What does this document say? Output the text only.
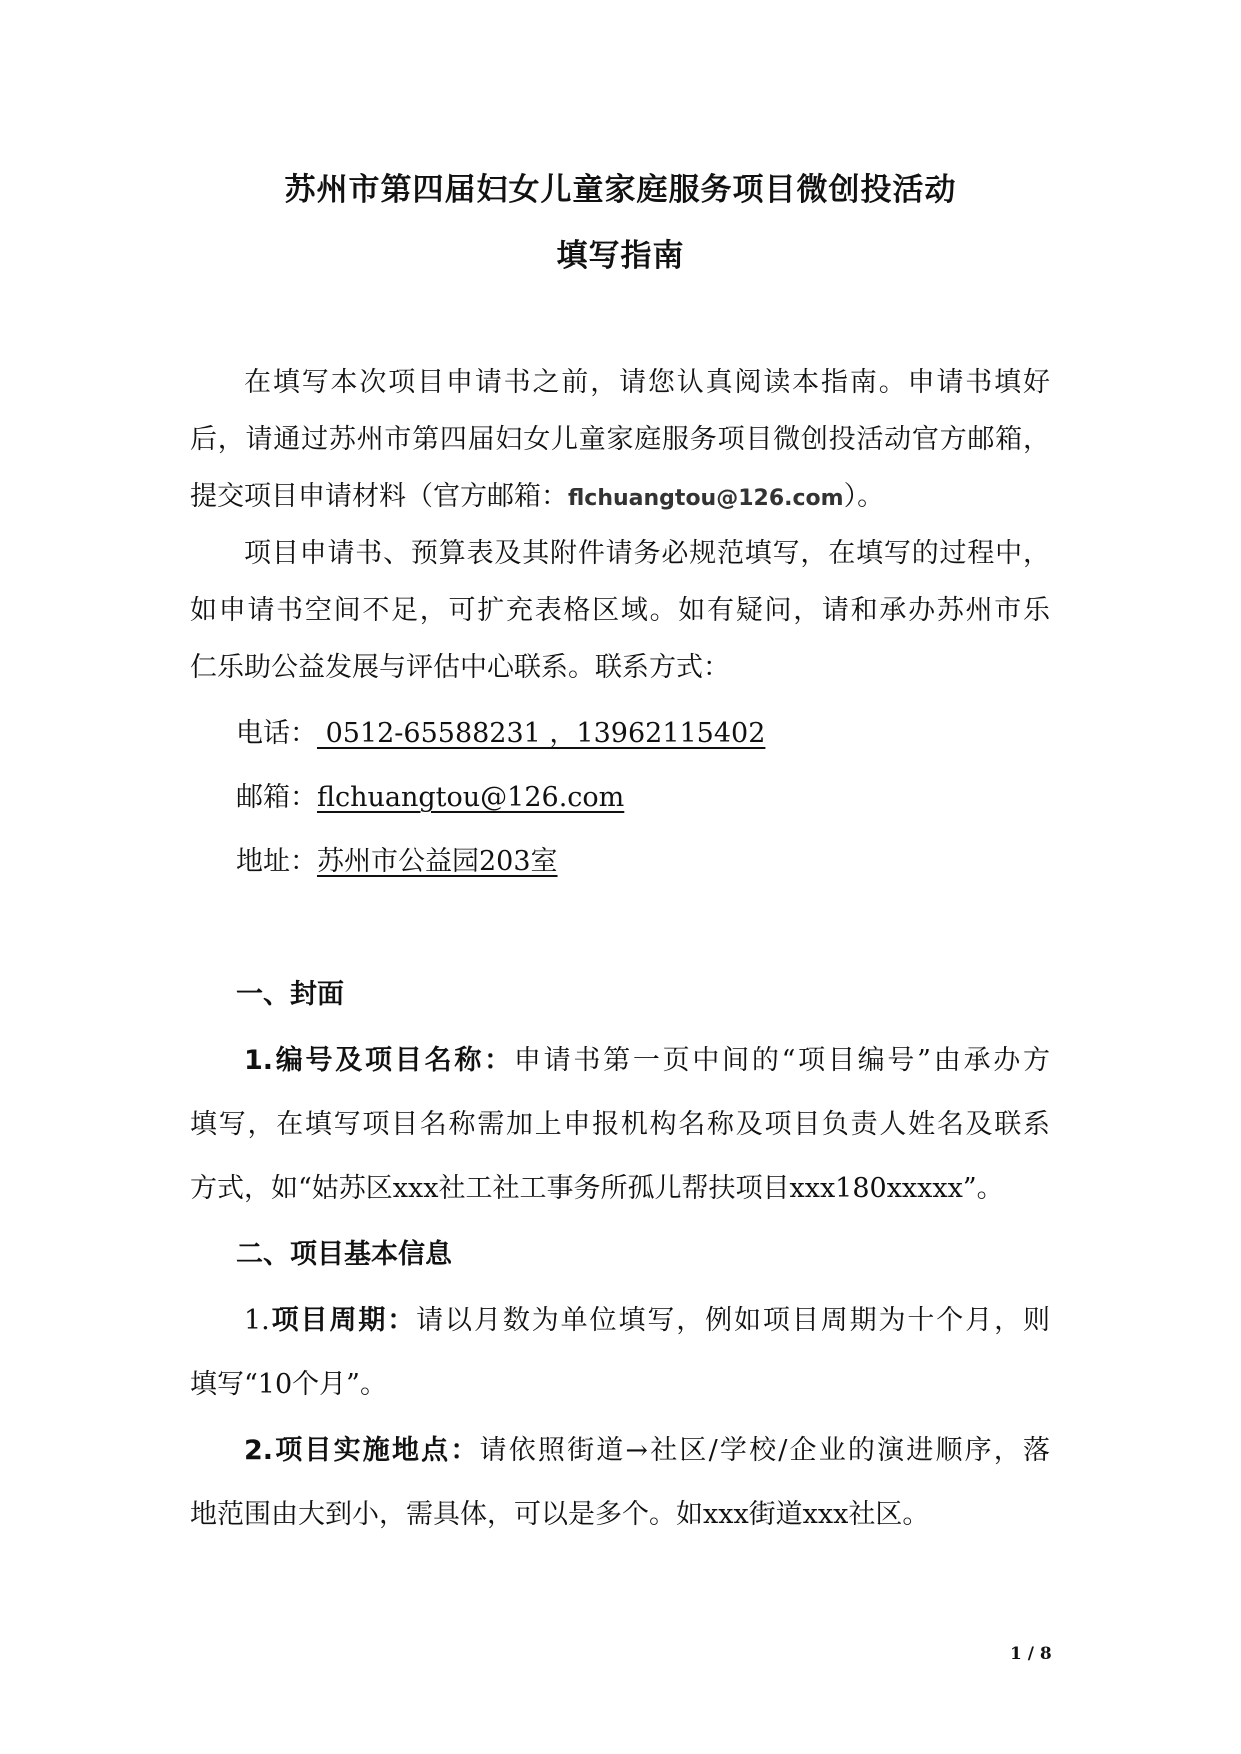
苏州市第四届妇女儿童家庭服务项目微创投活动
填写指南
在填写本次项目申请书之前，请您认真阅读本指南。申请书填好
后，请通过苏州市第四届妇女儿童家庭服务项目微创投活动官方邮箱，
提交项目申请材料（官方邮箱：flchuangtou@126.com）。
项目申请书、预算表及其附件请务必规范填写，在填写的过程中，
如申请书空间不足，可扩充表格区域。如有疑问，请和承办苏州市乐
仁乐助公益发展与评估中心联系。联系方式：
电话： 0512-65588231 ，13962115402
邮箱：flchuangtou@126.com
地址：苏州市公益园203室
一、封面
1.编号及项目名称：申请书第一页中间的“项目编号”由承办方
填写，在填写项目名称需加上申报机构名称及项目负责人姓名及联系
方式，如“姑苏区xxx社工社工事务所孤儿帮扶项目xxx180xxxxx”。
二、项目基本信息
1.项目周期：请以月数为单位填写，例如项目周期为十个月，则
填写“10个月”。
2.项目实施地点：请依照街道→社区/学校/企业的演进顺序，落
地范围由大到小，需具体，可以是多个。如xxx街道xxx社区。
1 / 8
